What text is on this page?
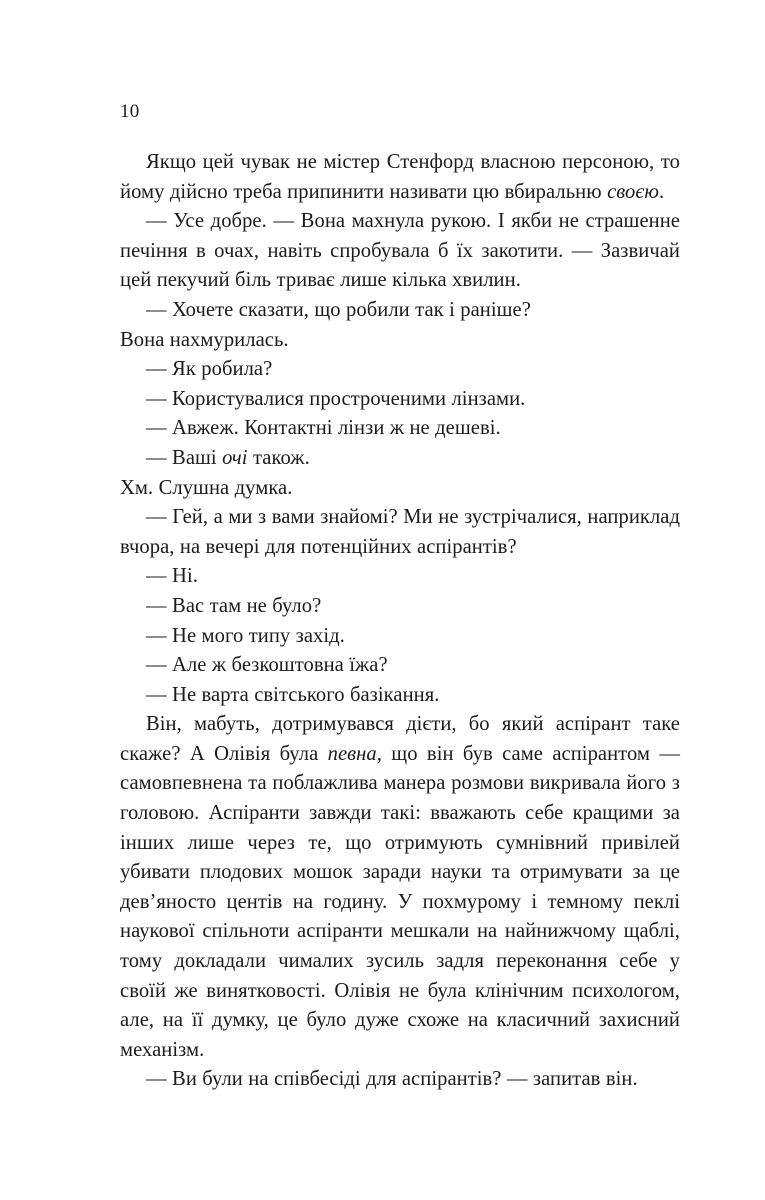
10

Якщо цей чувак не містер Стенфорд власною персоною, то йому дійсно треба припинити називати цю вбиральню своєю.

— Усе добре. — Вона махнула рукою. І якби не страшенне печіння в очах, навіть спробувала б їх закотити. — Зазвичай цей пекучий біль триває лише кілька хвилин.

— Хочете сказати, що робили так і раніше?

Вона нахмурилась.

— Як робила?

— Користувалися простроченими лінзами.

— Авжеж. Контактні лінзи ж не дешеві.

— Ваші очі також.

Хм. Слушна думка.

— Гей, а ми з вами знайомі? Ми не зустрічалися, наприклад вчора, на вечері для потенційних аспірантів?

— Ні.

— Вас там не було?

— Не мого типу захід.

— Але ж безкоштовна їжа?

— Не варта світського базікання.

Він, мабуть, дотримувався дієти, бо який аспірант таке скаже? А Олівія була певна, що він був саме аспірантом — самовпевнена та поблажлива манера розмови викривала його з головою. Аспіранти завжди такі: вважають себе кращими за інших лише через те, що отримують сумнівний привілей убивати плодових мошок заради науки та отримувати за це дев’яносто центів на годину. У похмурому і темному пеклі наукової спільноти аспіранти мешкали на найнижчому щаблі, тому докладали чималих зусиль задля переконання себе у своїй же винятковості. Олівія не була клінічним психологом, але, на її думку, це було дуже схоже на класичний захисний механізм.

— Ви були на співбесіді для аспірантів? — запитав він.
